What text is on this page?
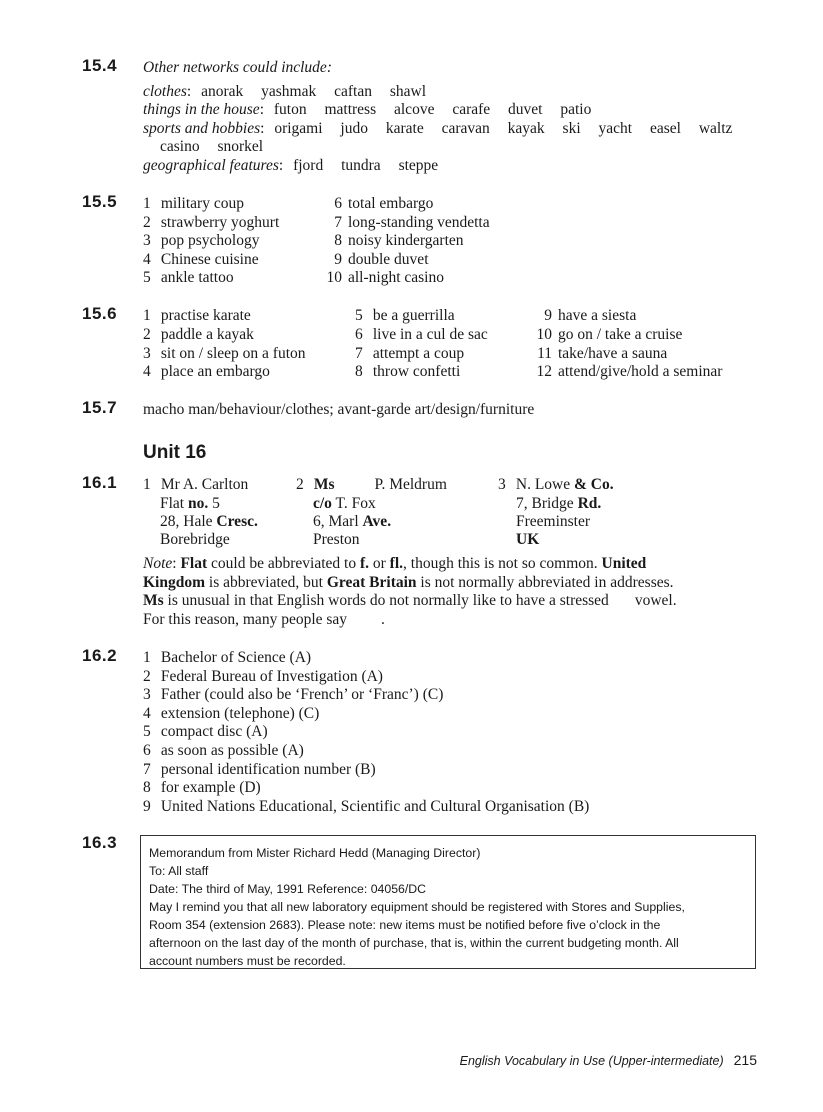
15.4 Other networks could include:
clothes: anorak yashmak caftan shawl
things in the house: futon mattress alcove carafe duvet patio
sports and hobbies: origami judo karate caravan kayak ski yacht easel waltz
casino snorkel
geographical features: fjord tundra steppe
15.5 1 military coup
2 strawberry yoghurt
3 pop psychology
4 Chinese cuisine
5 ankle tattoo
6 total embargo
7 long-standing vendetta
8 noisy kindergarten
9 double duvet
10 all-night casino
15.6 1 practise karate
2 paddle a kayak
3 sit on / sleep on a futon
4 place an embargo
5 be a guerrilla
6 live in a cul de sac
7 attempt a coup
8 throw confetti
9 have a siesta
10 go on / take a cruise
11 take/have a sauna
12 attend/give/hold a seminar
15.7 macho man/behaviour/clothes; avant-garde art/design/furniture
Unit 16
16.1 1 Mr A. Carlton
Flat no. 5
28, Hale Cresc.
Borebridge
2 Ms	P. Meldrum
c/o T. Fox
6, Marl Ave.
Preston
3 N. Lowe & Co.
7, Bridge Rd.
Freeminster
UK
Note: Flat could be abbreviated to f. or fl., though this is not so common. United
Kingdom is abbreviated, but Great Britain is not normally abbreviated in addresses.
Ms is unusual in that English words do not normally like to have a stressed vowel.
For this reason, many people say .
16.2 1 Bachelor of Science (A)
2 Federal Bureau of Investigation (A)
3 Father (could also be ‘French’ or ‘Franc’) (C)
4 extension (telephone) (C)
5 compact disc (A)
6 as soon as possible (A)
7 personal identification number (B)
8 for example (D)
9 United Nations Educational, Scientific and Cultural Organisation (B)
16.3
Memorandum from Mister Richard Hedd (Managing Director)
To: All staff
Date: The third of May, 1991 Reference: 04056/DC
May I remind you that all new laboratory equipment should be registered with Stores and Supplies,
Room 354 (extension 2683). Please note: new items must be notified before five o’clock in the
afternoon on the last day of the month of purchase, that is, within the current budgeting month. All
account numbers must be recorded.
English Vocabulary in Use (Upper-intermediate) 215
